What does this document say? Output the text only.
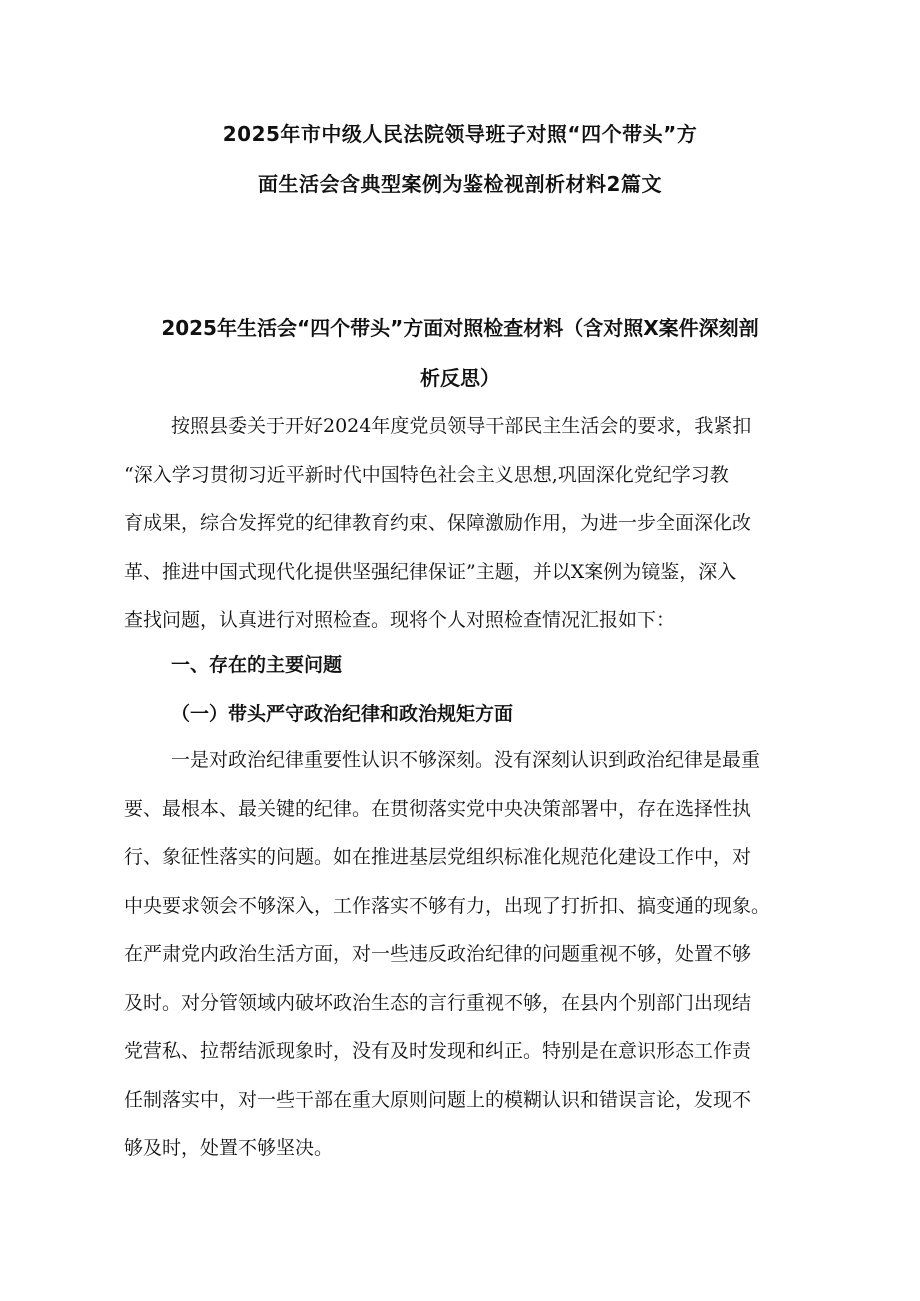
2025年市中级人民法院领导班子对照“四个带头”方

面生活会含典型案例为鉴检视剖析材料2篇文

2025年生活会“四个带头”方面对照检查材料（含对照X案件深刻剖

析反思）

按照县委关于开好2024年度党员领导干部民主生活会的要求，我紧扣
“深入学习贯彻习近平新时代中国特色社会主义思想,巩固深化党纪学习教
育成果，综合发挥党的纪律教育约束、保障激励作用，为进一步全面深化改
革、推进中国式现代化提供坚强纪律保证”主题，并以X案例为镜鉴，深入
查找问题，认真进行对照检查。现将个人对照检查情况汇报如下：

一、存在的主要问题

（一）带头严守政治纪律和政治规矩方面

一是对政治纪律重要性认识不够深刻。没有深刻认识到政治纪律是最重
要、最根本、最关键的纪律。在贯彻落实党中央决策部署中，存在选择性执
行、象征性落实的问题。如在推进基层党组织标准化规范化建设工作中，对
中央要求领会不够深入，工作落实不够有力，出现了打折扣、搞变通的现象。
在严肃党内政治生活方面，对一些违反政治纪律的问题重视不够，处置不够
及时。对分管领域内破坏政治生态的言行重视不够，在县内个别部门出现结
党营私、拉帮结派现象时，没有及时发现和纠正。特别是在意识形态工作责
任制落实中，对一些干部在重大原则问题上的模糊认识和错误言论，发现不
够及时，处置不够坚决。
